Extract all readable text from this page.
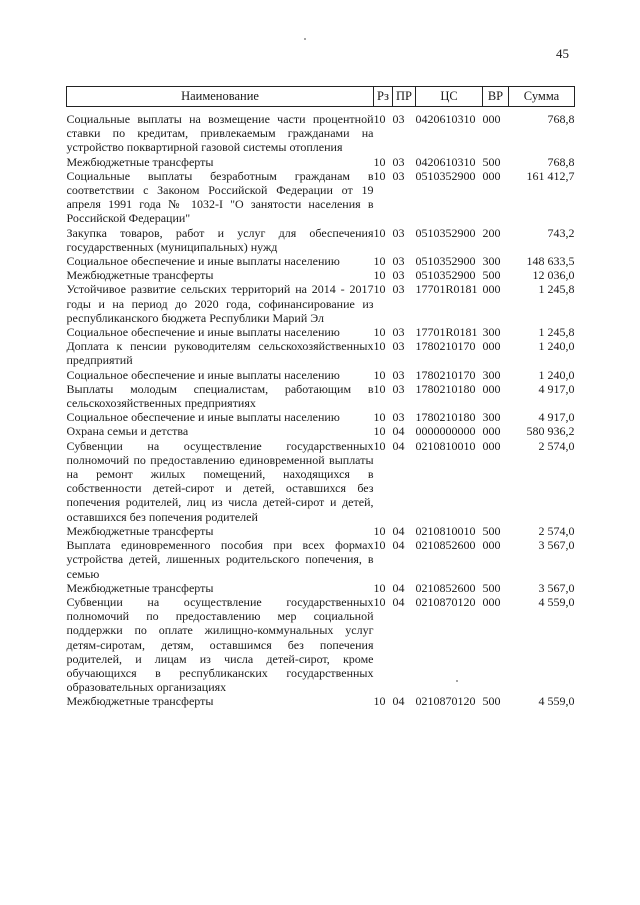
45
Наименование	Рз	ПР	ЦС	ВР	Сумма
Социальные выплаты на возмещение части процентной ставки по кредитам, привлекаемым гражданами на устройство поквартирной газовой системы отопления	10	03	0420610310	000	768,8
Межбюджетные трансферты	10	03	0420610310	500	768,8
Социальные выплаты безработным гражданам в соответствии с Законом Российской Федерации от 19 апреля 1991 года № 1032-I "О занятости населения в Российской Федерации"	10	03	0510352900	000	161 412,7
Закупка товаров, работ и услуг для обеспечения государственных (муниципальных) нужд	10	03	0510352900	200	743,2
Социальное обеспечение и иные выплаты населению	10	03	0510352900	300	148 633,5
Межбюджетные трансферты	10	03	0510352900	500	12 036,0
Устойчивое развитие сельских территорий на 2014 - 2017 годы и на период до 2020 года, софинансирование из республиканского бюджета Республики Марий Эл	10	03	17701R0181	000	1 245,8
Социальное обеспечение и иные выплаты населению	10	03	17701R0181	300	1 245,8
Доплата к пенсии руководителям сельскохозяйственных предприятий	10	03	1780210170	000	1 240,0
Социальное обеспечение и иные выплаты населению	10	03	1780210170	300	1 240,0
Выплаты молодым специалистам, работающим в сельскохозяйственных предприятиях	10	03	1780210180	000	4 917,0
Социальное обеспечение и иные выплаты населению	10	03	1780210180	300	4 917,0
Охрана семьи и детства	10	04	0000000000	000	580 936,2
Субвенции на осуществление государственных полномочий по предоставлению единовременной выплаты на ремонт жилых помещений, находящихся в собственности детей-сирот и детей, оставшихся без попечения родителей, лиц из числа детей-сирот и детей, оставшихся без попечения родителей	10	04	0210810010	000	2 574,0
Межбюджетные трансферты	10	04	0210810010	500	2 574,0
Выплата единовременного пособия при всех формах устройства детей, лишенных родительского попечения, в семью	10	04	0210852600	000	3 567,0
Межбюджетные трансферты	10	04	0210852600	500	3 567,0
Субвенции на осуществление государственных полномочий по предоставлению мер социальной поддержки по оплате жилищно-коммунальных услуг детям-сиротам, детям, оставшимся без попечения родителей, и лицам из числа детей-сирот, кроме обучающихся в республиканских государственных образовательных организациях	10	04	0210870120	000	4 559,0
Межбюджетные трансферты	10	04	0210870120	500	4 559,0
